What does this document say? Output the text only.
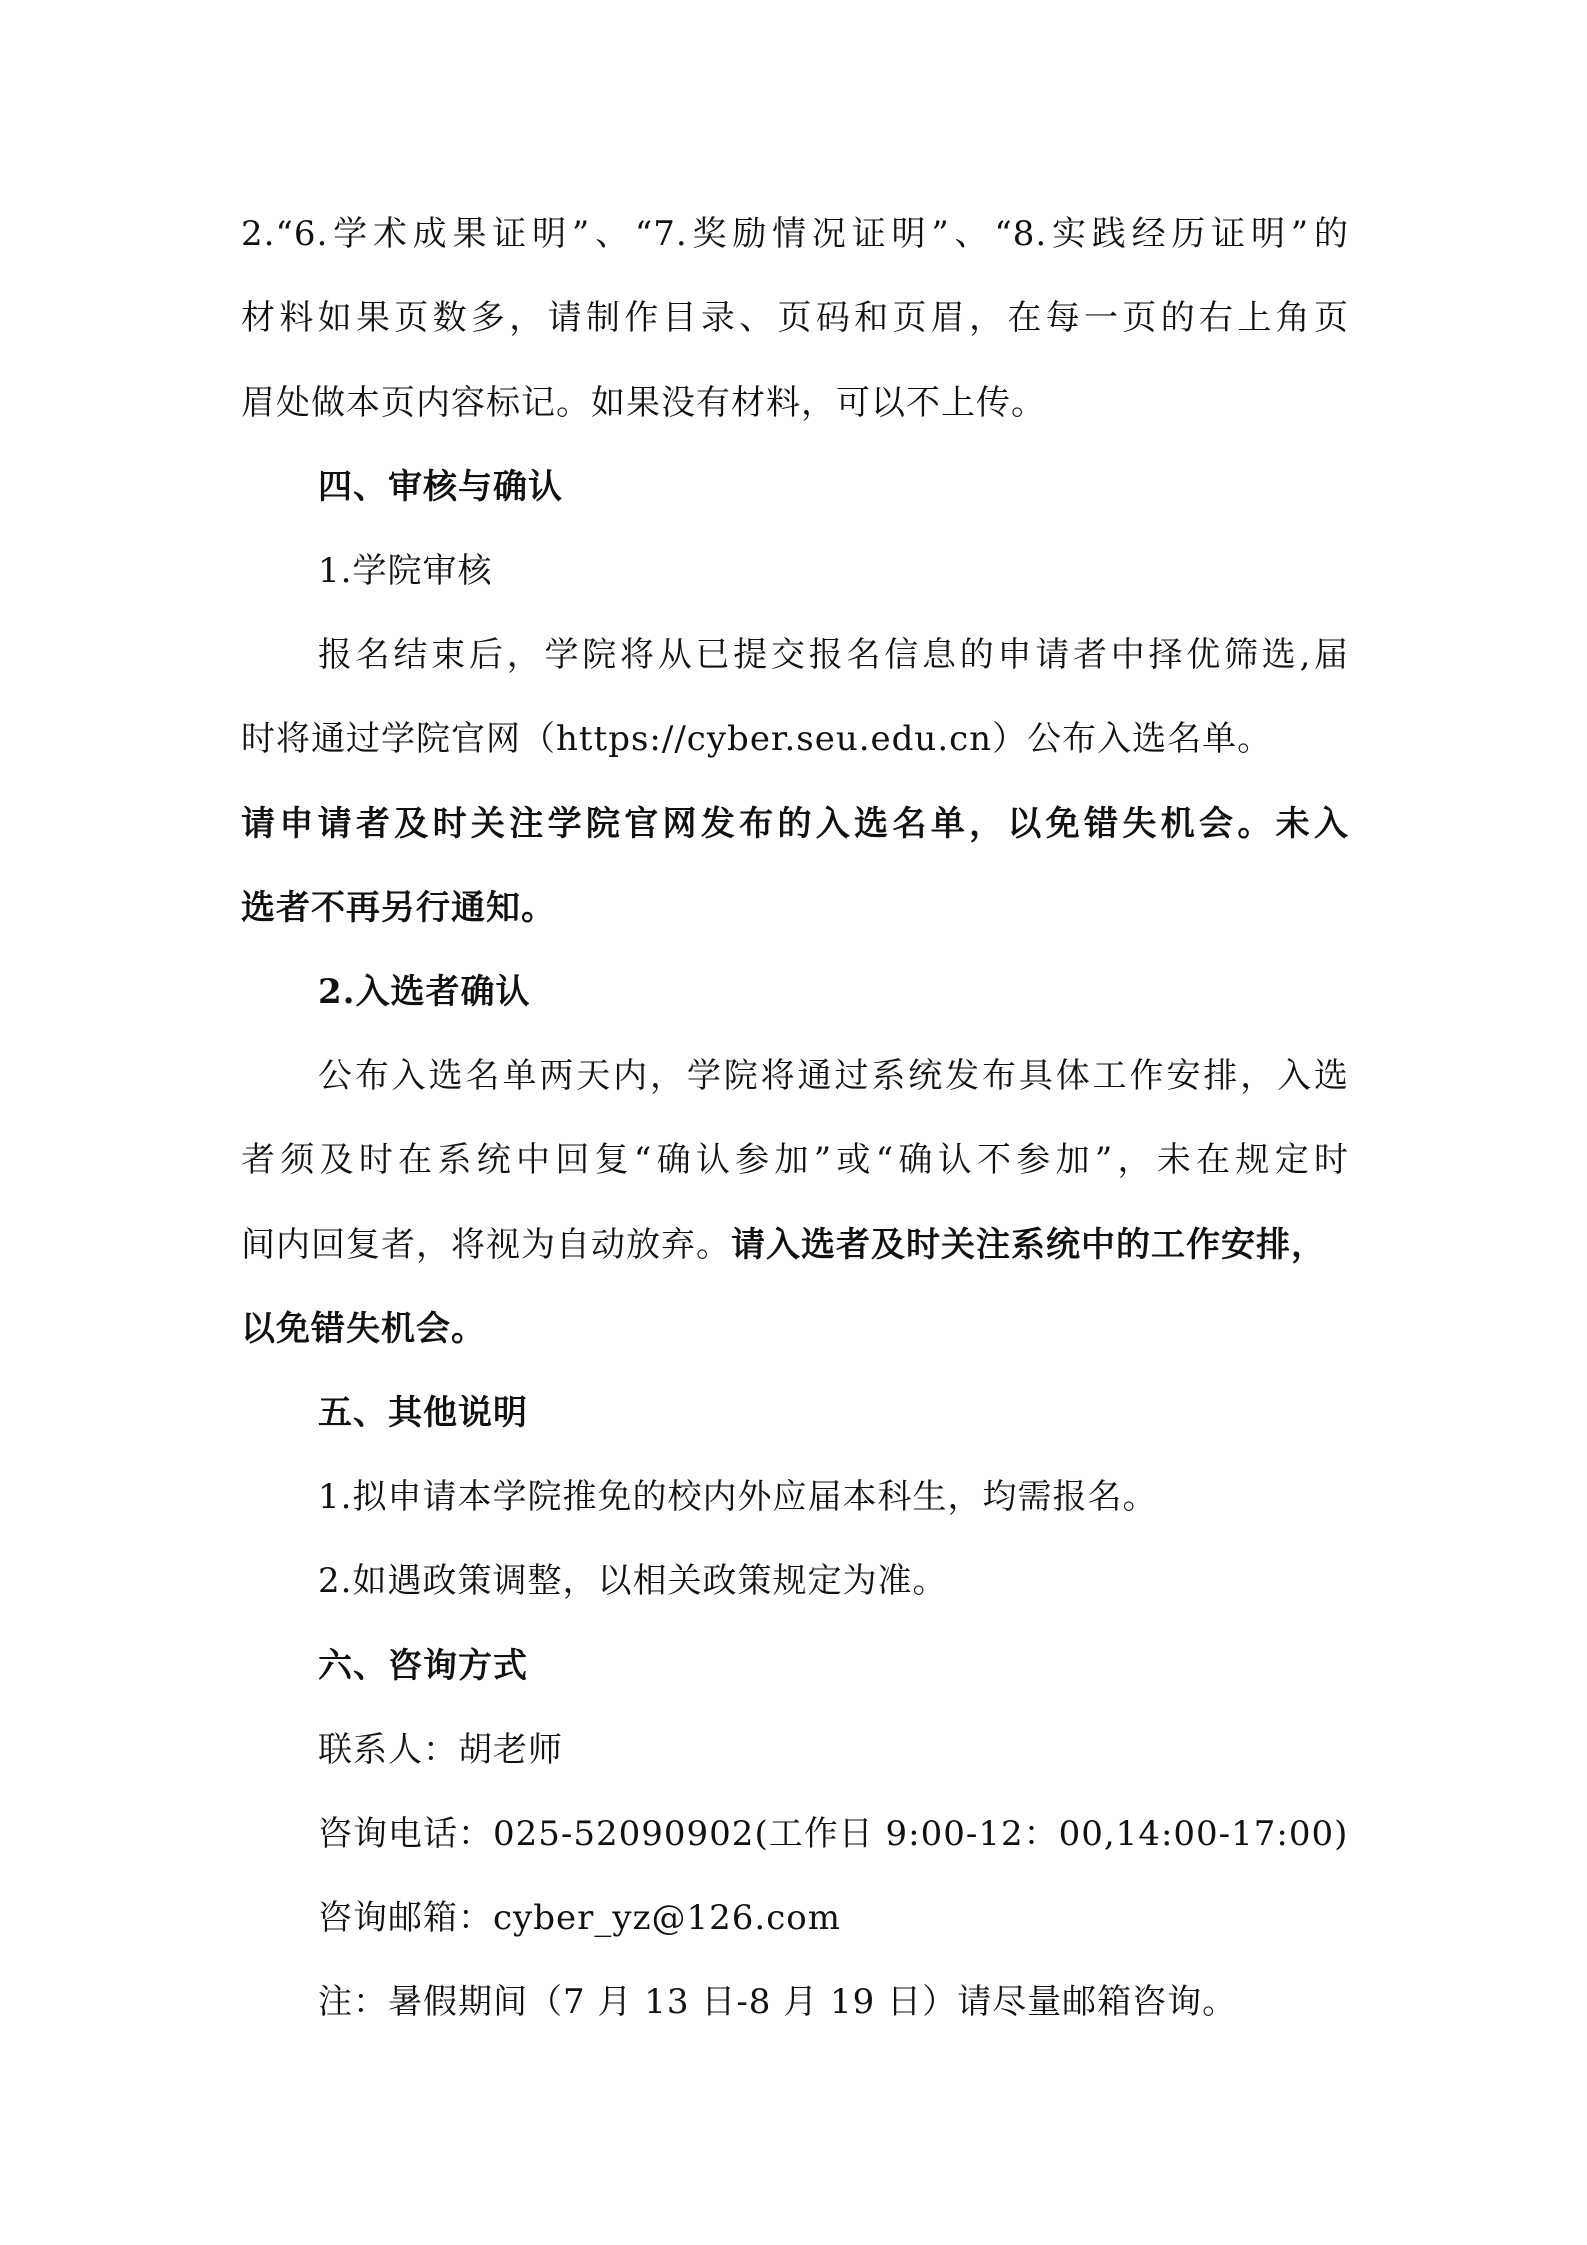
2.“6.学术成果证明”、“7.奖励情况证明”、“8.实践经历证明”的
材料如果页数多，请制作目录、页码和页眉，在每一页的右上角页
眉处做本页内容标记。如果没有材料，可以不上传。
四、审核与确认
1.学院审核
报名结束后，学院将从已提交报名信息的申请者中择优筛选,届
时将通过学院官网（https://cyber.seu.edu.cn）公布入选名单。
请申请者及时关注学院官网发布的入选名单，以免错失机会。未入
选者不再另行通知。
2.入选者确认
公布入选名单两天内，学院将通过系统发布具体工作安排，入选
者须及时在系统中回复“确认参加”或“确认不参加”，未在规定时
间内回复者，将视为自动放弃。请入选者及时关注系统中的工作安排，
以免错失机会。
五、其他说明
1.拟申请本学院推免的校内外应届本科生，均需报名。
2.如遇政策调整，以相关政策规定为准。
六、咨询方式
联系人：胡老师
咨询电话：025-52090902(工作日 9:00-12：00,14:00-17:00)
咨询邮箱：cyber_yz@126.com
注：暑假期间（7 月 13 日-8 月 19 日）请尽量邮箱咨询。
